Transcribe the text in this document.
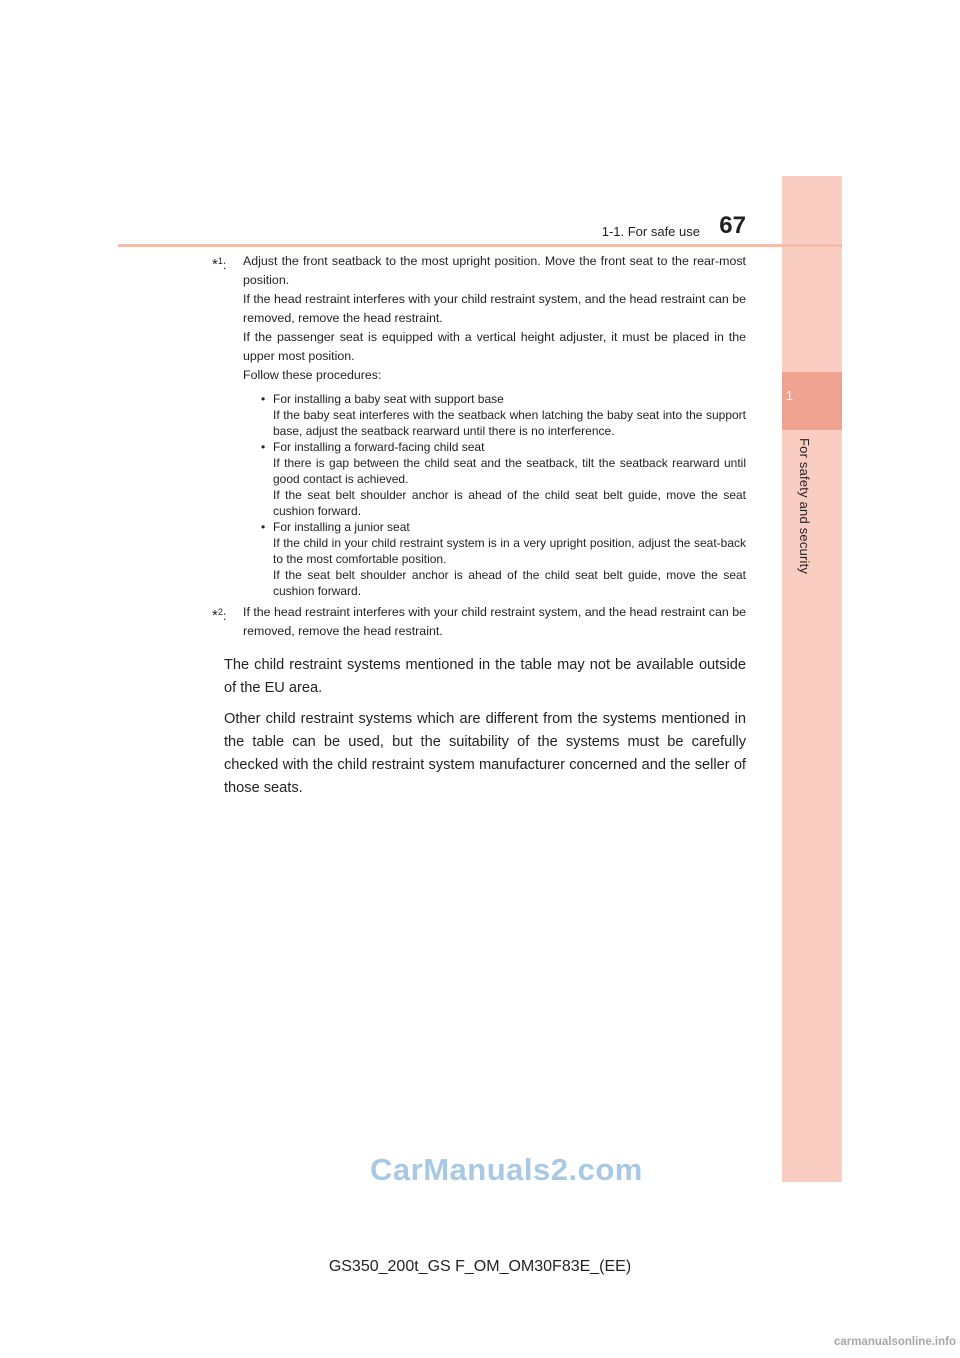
1
For safety and security
1-1. For safe use 67
*$^1$: Adjust the front seatback to the most upright position. Move the front seat to the rear-most position.

If the head restraint interferes with your child restraint system, and the head restraint can be removed, remove the head restraint.

If the passenger seat is equipped with a vertical height adjuster, it must be placed in the upper most position.

Follow these procedures:

• For installing a baby seat with support base

If the baby seat interferes with the seatback when latching the baby seat into the support base, adjust the seatback rearward until there is no interference.

• For installing a forward-facing child seat

If there is gap between the child seat and the seatback, tilt the seatback rearward until good contact is achieved.

If the seat belt shoulder anchor is ahead of the child seat belt guide, move the seat cushion forward.

• For installing a junior seat

If the child in your child restraint system is in a very upright position, adjust the seat-back to the most comfortable position.

If the seat belt shoulder anchor is ahead of the child seat belt guide, move the seat cushion forward.

*$^2$: If the head restraint interferes with your child restraint system, and the head restraint can be removed, remove the head restraint.

The child restraint systems mentioned in the table may not be available outside of the EU area.

Other child restraint systems which are different from the systems mentioned in the table can be used, but the suitability of the systems must be carefully checked with the child restraint system manufacturer concerned and the seller of those seats.

CarManuals2.com
GS350_200t_GS F_OM_OM30F83E_(EE)
carmanualsonline.info
